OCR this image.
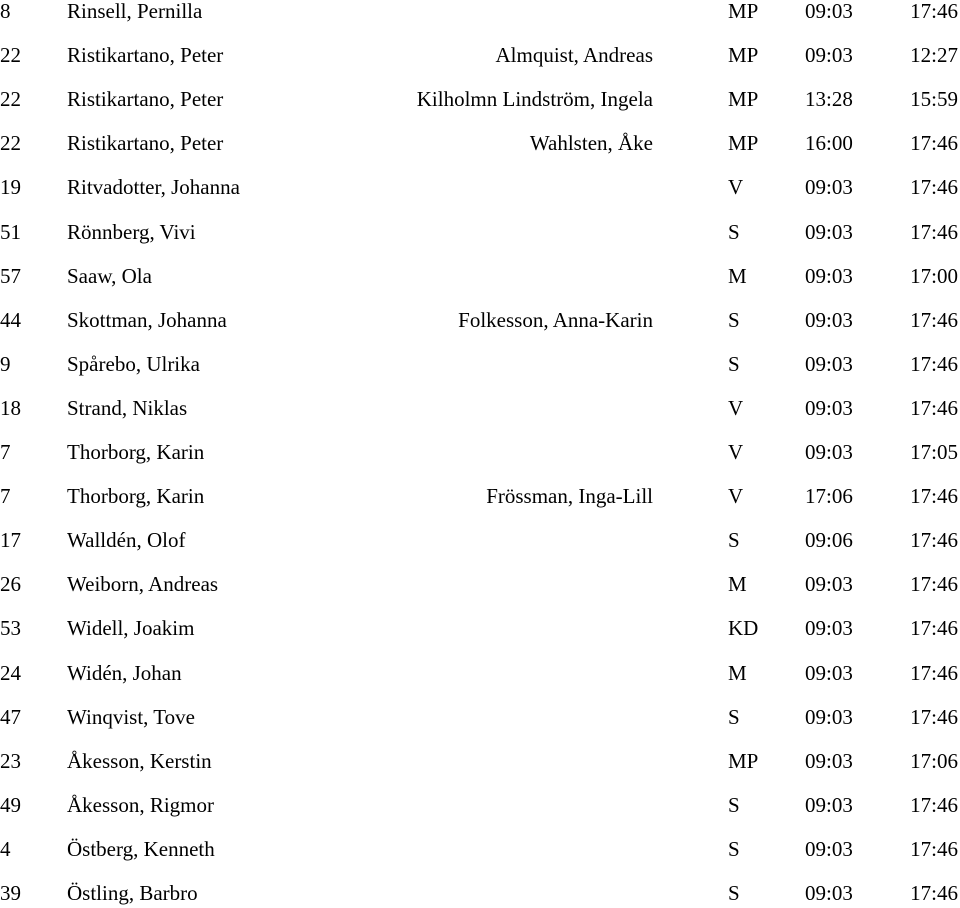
8	Rinsell, Pernilla	MP 09:03	17:46
22 Ristikartano, Peter	Almquist, Andreas	MP 09:03	12:27
22 Ristikartano, Peter	Kilholmn Lindström, Ingela	MP 13:28	15:59
22 Ristikartano, Peter	Wahlsten, Åke	MP 16:00	17:46
19 Ritvadotter, Johanna	V	09:03	17:46
51 Rönnberg, Vivi	S	09:03	17:46
57 Saaw, Ola	M	09:03	17:00
44 Skottman, Johanna	Folkesson, Anna-Karin	S	09:03	17:46
9	Spårebo, Ulrika	S	09:03	17:46
18 Strand, Niklas	V	09:03	17:46
7	Thorborg, Karin	V	09:03	17:05
7	Thorborg, Karin	Frössman, Inga-Lill	V	17:06	17:46
17 Walldén, Olof	S	09:06	17:46
26 Weiborn, Andreas	M	09:03	17:46
53 Widell, Joakim	KD 09:03	17:46
24 Widén, Johan	M	09:03	17:46
47 Winqvist, Tove	S	09:03	17:46
23 Åkesson, Kerstin	MP 09:03	17:06
49 Åkesson, Rigmor	S	09:03	17:46
4	Östberg, Kenneth	S	09:03	17:46
39 Östling, Barbro	S	09:03	17:46
